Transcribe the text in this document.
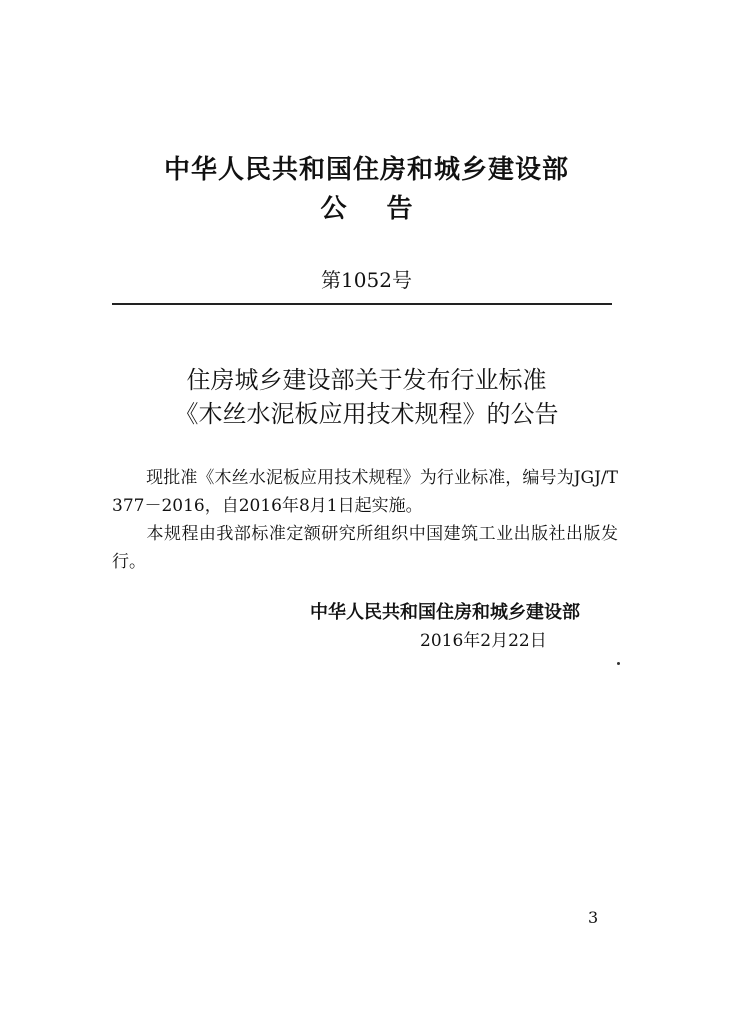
中华人民共和国住房和城乡建设部
公告
第1052号
住房城乡建设部关于发布行业标准
《木丝水泥板应用技术规程》的公告
现批准《木丝水泥板应用技术规程》为行业标准，编号为JGJ/T 377－2016，自2016年8月1日起实施。
本规程由我部标准定额研究所组织中国建筑工业出版社出版发行。
中华人民共和国住房和城乡建设部
2016年2月22日
3
